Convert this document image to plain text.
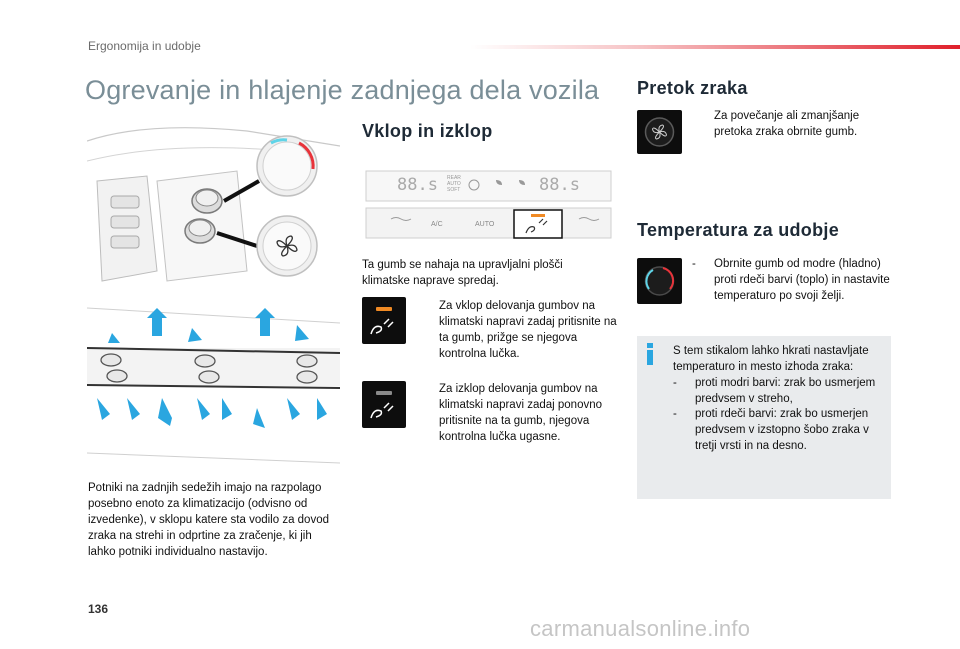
Ergonomija in udobje
Ogrevanje in hlajenje zadnjega dela vozila
Potniki na zadnjih sedežih imajo na razpolago posebno enoto za klimatizacijo (odvisno od izvedenke), v sklopu katere sta vodilo za dovod zraka na strehi in odprtine za zračenje, ki jih lahko potniki individualno nastavijo.
Vklop in izklop
88.s	88.s
REAR
AUTO
SOFT
A/C	AUTO
Ta gumb se nahaja na upravljalni plošči klimatske naprave spredaj.
Za vklop delovanja gumbov na klimatski napravi zadaj pritisnite na ta gumb, prižge se njegova kontrolna lučka.
Za izklop delovanja gumbov na klimatski napravi zadaj ponovno pritisnite na ta gumb, njegova kontrolna lučka ugasne.
Pretok zraka
Za povečanje ali zmanjšanje pretoka zraka obrnite gumb.
Temperatura za udobje
- Obrnite gumb od modre (hladno) proti rdeči barvi (toplo) in nastavite temperaturo po svoji želji.
S tem stikalom lahko hkrati nastavljate temperaturo in mesto izhoda zraka:
- proti modri barvi: zrak bo usmerjem predvsem v streho,
- proti rdeči barvi: zrak bo usmerjen predvsem v izstopno šobo zraka v tretji vrsti in na desno.
136
carmanualsonline.info
